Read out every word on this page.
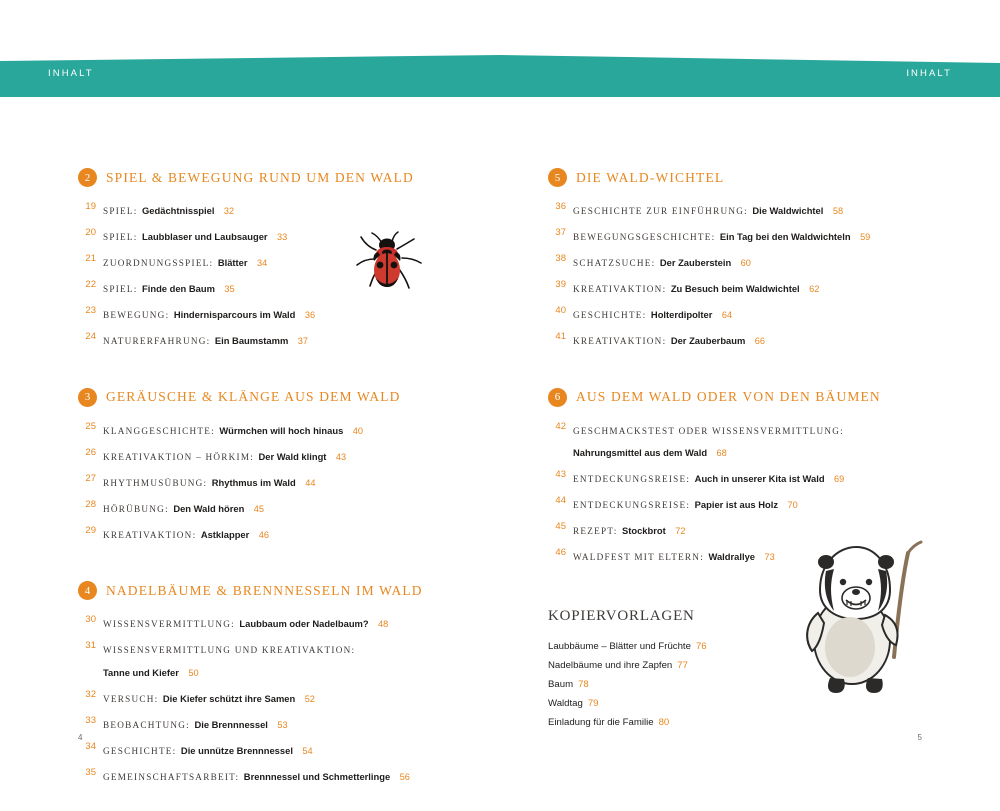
INHALT	INHALT
2	SPIEL & BEWEGUNG RUND UM DEN WALD
19 SPIEL: Gedächtnisspiel 32
20 SPIEL: Laubblaser und Laubsauger 33
21 ZUORDNUNGSSPIEL: Blätter 34
22 SPIEL: Finde den Baum 35
23 BEWEGUNG: Hindernisparcours im Wald 36
24 NATURERFAHRUNG: Ein Baumstamm 37
3	GERÄUSCHE & KLÄNGE AUS DEM WALD
25 KLANGGESCHICHTE: Würmchen will hoch hinaus 40
26 KREATIVAKTION – HÖRKIM: Der Wald klingt 43
27 RHYTHMUSÜBUNG: Rhythmus im Wald 44
28 HÖRÜBUNG: Den Wald hören 45
29 KREATIVAKTION: Astklapper 46
4	NADELBÄUME & BRENNNESSELN IM WALD
30 WISSENSVERMITTLUNG: Laubbaum oder Nadelbaum? 48
31 WISSENSVERMITTLUNG UND KREATIVAKTION:
Tanne und Kiefer 50
32 VERSUCH: Die Kiefer schützt ihre Samen 52
33 BEOBACHTUNG: Die Brennnessel 53
34 GESCHICHTE: Die unnütze Brennnessel 54
35 GEMEINSCHAFTSARBEIT: Brennnessel und Schmetterlinge 56
5	DIE WALD-WICHTEL
36 GESCHICHTE ZUR EINFÜHRUNG: Die Waldwichtel 58
37 BEWEGUNGSGESCHICHTE: Ein Tag bei den Waldwichteln 59
38 SCHATZSUCHE: Der Zauberstein 60
39 KREATIVAKTION: Zu Besuch beim Waldwichtel 62
40 GESCHICHTE: Holterdipolter 64
41 KREATIVAKTION: Der Zauberbaum 66
6	AUS DEM WALD ODER VON DEN BÄUMEN
42 GESCHMACKSTEST ODER WISSENSVERMITTLUNG:
Nahrungsmittel aus dem Wald 68
43 ENTDECKUNGSREISE: Auch in unserer Kita ist Wald 69
44 ENTDECKUNGSREISE: Papier ist aus Holz 70
45 REZEPT: Stockbrot 72
46 WALDFEST MIT ELTERN: Waldrallye 73
KOPIERVORLAGEN
Laubbäume – Blätter und Früchte 76
Nadelbäume und ihre Zapfen 77
Baum 78
Waldtag 79
Einladung für die Familie 80
4	5
